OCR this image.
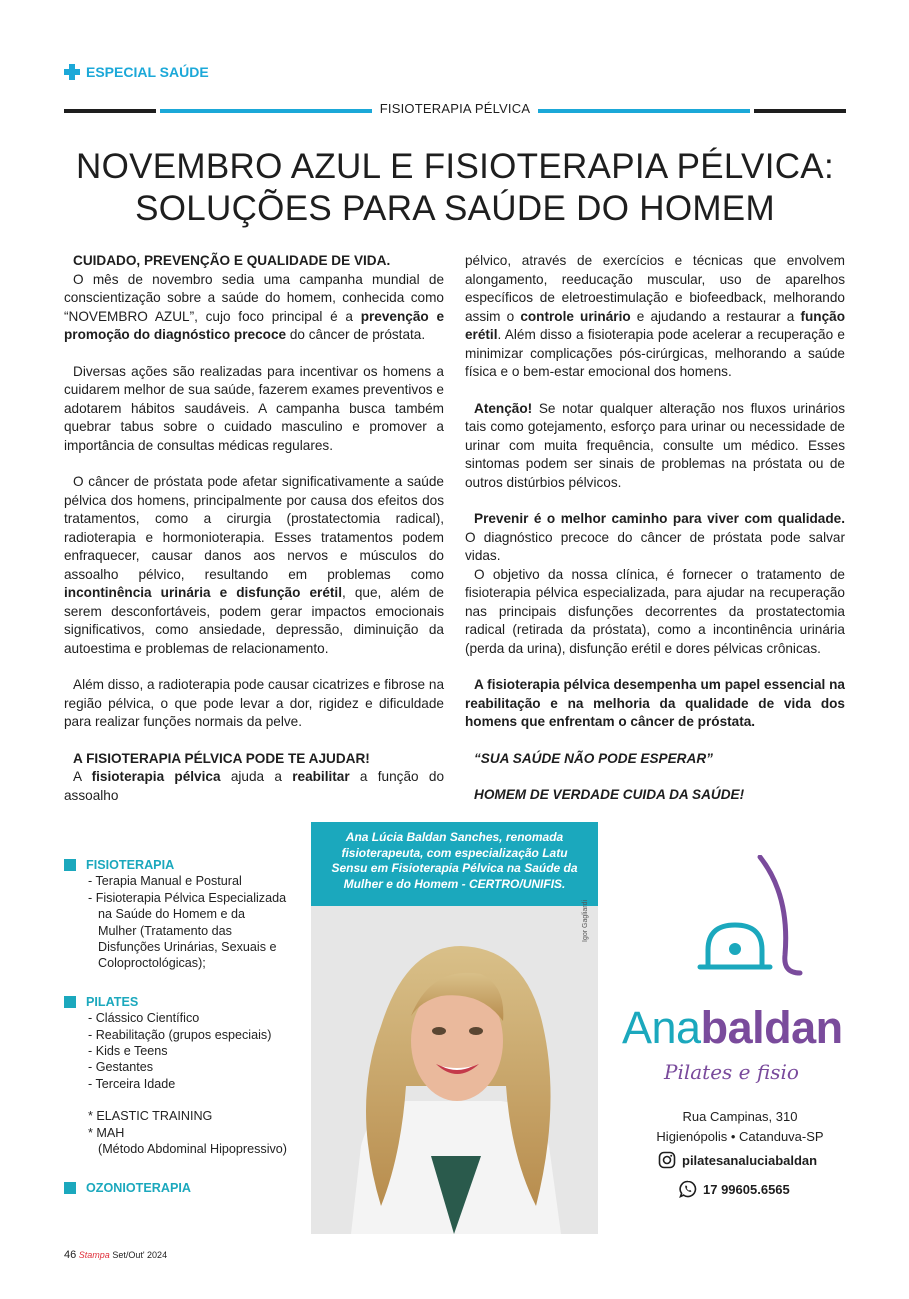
ESPECIAL SAÚDE
FISIOTERAPIA PÉLVICA
NOVEMBRO AZUL E FISIOTERAPIA PÉLVICA:
SOLUÇÕES PARA SAÚDE DO HOMEM

CUIDADO, PREVENÇÃO E QUALIDADE DE VIDA.

O mês de novembro sedia uma campanha mundial de conscientização sobre a saúde do homem, conhecida como “NOVEMBRO AZUL”, cujo foco principal é a prevenção e promoção do diagnóstico precoce do câncer de próstata.

Diversas ações são realizadas para incentivar os homens a cuidarem melhor de sua saúde, fazerem exames preventivos e adotarem hábitos saudáveis. A campanha busca também quebrar tabus sobre o cuidado masculino e promover a importância de consultas médicas regulares.

O câncer de próstata pode afetar significativamente a saúde pélvica dos homens, principalmente por causa dos efeitos dos tratamentos, como a cirurgia (prostatectomia radical), radioterapia e hormonioterapia. Esses tratamentos podem enfraquecer, causar danos aos nervos e músculos do assoalho pélvico, resultando em problemas como incontinência urinária e disfunção erétil, que, além de serem desconfortáveis, podem gerar impactos emocionais significativos, como ansiedade, depressão, diminuição da autoestima e problemas de relacionamento.

Além disso, a radioterapia pode causar cicatrizes e fibrose na região pélvica, o que pode levar a dor, rigidez e dificuldade para realizar funções normais da pelve.

A FISIOTERAPIA PÉLVICA PODE TE AJUDAR!

A fisioterapia pélvica ajuda a reabilitar a função do assoalho

pélvico, através de exercícios e técnicas que envolvem alongamento, reeducação muscular, uso de aparelhos específicos de eletroestimulação e biofeedback, melhorando assim o controle urinário e ajudando a restaurar a função erétil. Além disso a fisioterapia pode acelerar a recuperação e minimizar complicações pós-cirúrgicas, melhorando a saúde física e o bem-estar emocional dos homens.

Atenção! Se notar qualquer alteração nos fluxos urinários tais como gotejamento, esforço para urinar ou necessidade de urinar com muita frequência, consulte um médico. Esses sintomas podem ser sinais de problemas na próstata ou de outros distúrbios pélvicos.

Prevenir é o melhor caminho para viver com qualidade. O diagnóstico precoce do câncer de próstata pode salvar vidas.

O objetivo da nossa clínica, é fornecer o tratamento de fisioterapia pélvica especializada, para ajudar na recuperação nas principais disfunções decorrentes da prostatectomia radical (retirada da próstata), como a incontinência urinária (perda da urina), disfunção erétil e dores pélvicas crônicas.

A fisioterapia pélvica desempenha um papel essencial na reabilitação e na melhoria da qualidade de vida dos homens que enfrentam o câncer de próstata.

“SUA SAÚDE NÃO PODE ESPERAR”

HOMEM DE VERDADE CUIDA DA SAÚDE!

Ana Lúcia Baldan Sanches, renomada fisioterapeuta, com especialização Latu Sensu em Fisioterapia Pélvica na Saúde da Mulher e do Homem - CERTRO/UNIFIS.
Igor Gagliardi
FISIOTERAPIA
- Terapia Manual e Postural
- Fisioterapia Pélvica Especializada
na Saúde do Homem e da
Mulher (Tratamento das
Disfunções Urinárias, Sexuais e
Coloproctológicas);
PILATES
- Clássico Científico
- Reabilitação (grupos especiais)
- Kids e Teens
- Gestantes
- Terceira Idade
* ELASTIC TRAINING
* MAH
(Método Abdominal Hipopressivo)
OZONIOTERAPIA
Anabaldan
Pilates e fisio
Rua Campinas, 310
Higienópolis • Catanduva-SP
pilatesanaluciabaldan
17 99605.6565
46 Stampa Set/Out' 2024
